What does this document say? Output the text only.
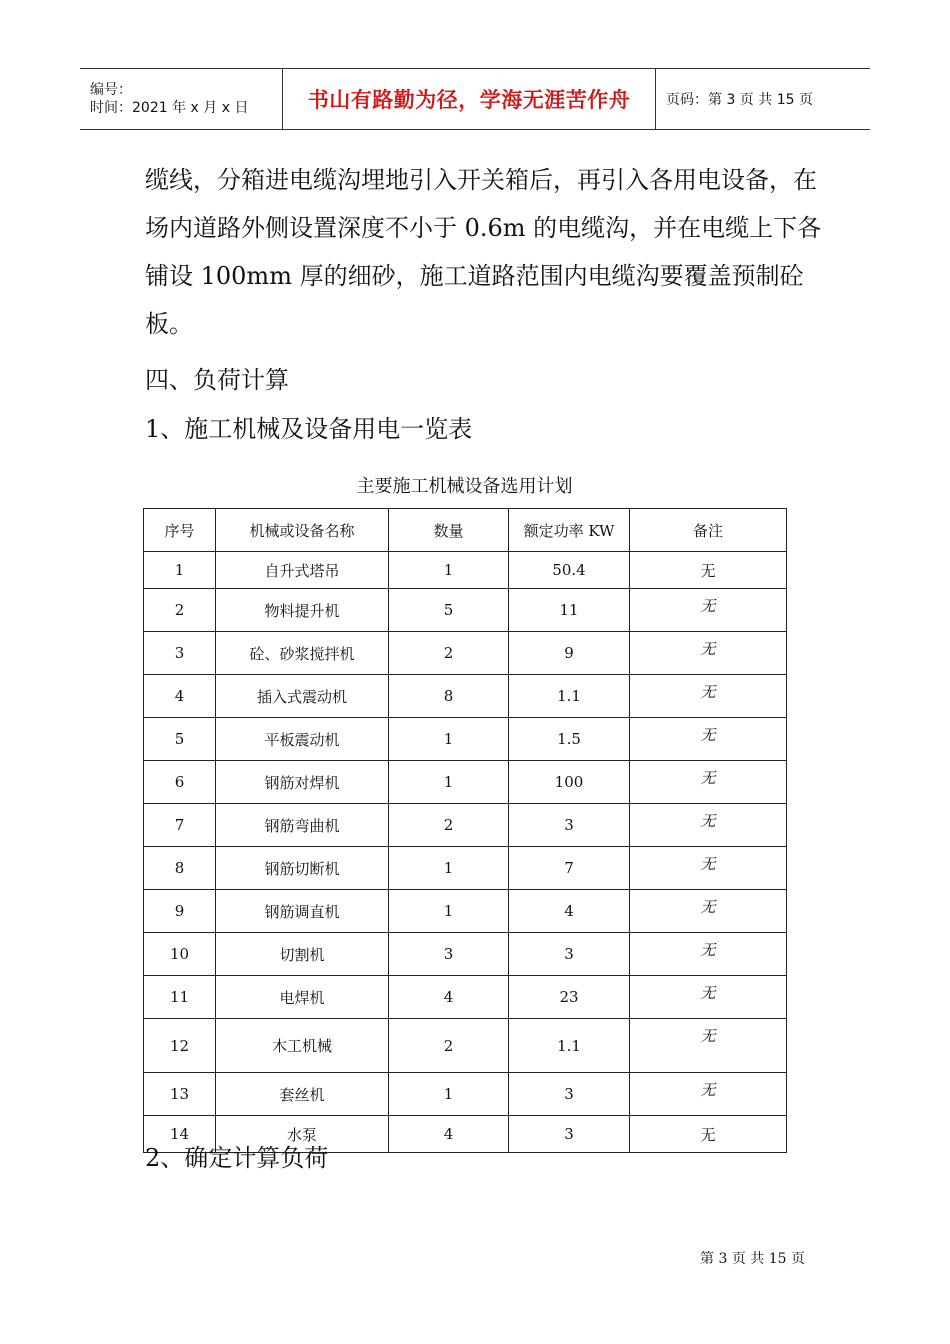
编号：
时间：2021 年 x 月 x 日	书山有路勤为径，学海无涯苦作舟	页码：第 3 页 共 15 页
缆线，分箱进电缆沟埋地引入开关箱后，再引入各用电设备，在场内道路外侧设置深度不小于 0.6m 的电缆沟，并在电缆上下各铺设 100mm 厚的细砂，施工道路范围内电缆沟要覆盖预制砼板。
四、负荷计算
1、施工机械及设备用电一览表
主要施工机械设备选用计划
序号	机械或设备名称	数量	额定功率 KW	备注
1	自升式塔吊	1	50.4	无
2	物料提升机	5	11	无
3	砼、砂浆搅拌机	2	9	无
4	插入式震动机	8	1.1	无
5	平板震动机	1	1.5	无
6	钢筋对焊机	1	100	无
7	钢筋弯曲机	2	3	无
8	钢筋切断机	1	7	无
9	钢筋调直机	1	4	无
10	切割机	3	3	无
11	电焊机	4	23	无
12	木工机械	2	1.1	无
13	套丝机	1	3	无
14	水泵	4	3	无
2、确定计算负荷
第 3 页 共 15 页
